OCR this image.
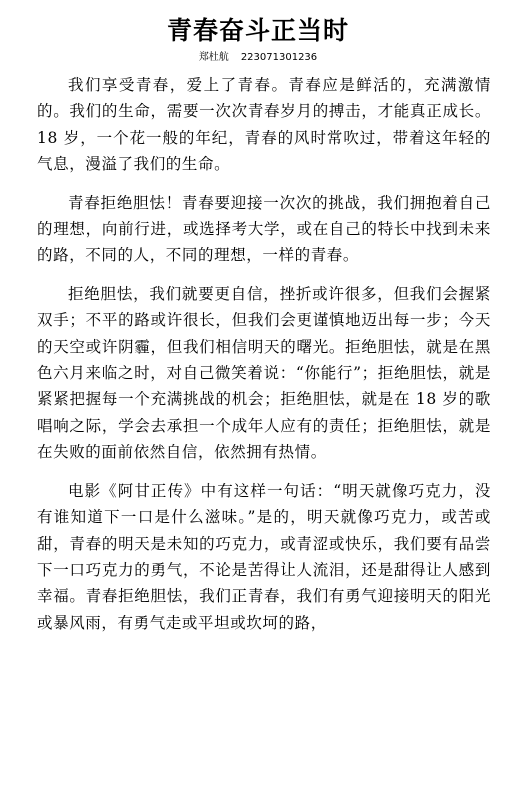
青春奋斗正当时
郑杜航 223071301236

我们享受青春，爱上了青春。青春应是鲜活的，充满激情的。我们的生命，需要一次次青春岁月的搏击，才能真正成长。18 岁，一个花一般的年纪，青春的风时常吹过，带着这年轻的气息，漫溢了我们的生命。

青春拒绝胆怯！青春要迎接一次次的挑战，我们拥抱着自己的理想，向前行进，或选择考大学，或在自己的特长中找到未来的路，不同的人，不同的理想，一样的青春。

拒绝胆怯，我们就要更自信，挫折或许很多，但我们会握紧双手；不平的路或许很长，但我们会更谨慎地迈出每一步；今天的天空或许阴霾，但我们相信明天的曙光。拒绝胆怯，就是在黑色六月来临之时，对自己微笑着说：“你能行”；拒绝胆怯，就是紧紧把握每一个充满挑战的机会；拒绝胆怯，就是在 18 岁的歌唱响之际，学会去承担一个成年人应有的责任；拒绝胆怯，就是在失败的面前依然自信，依然拥有热情。

电影《阿甘正传》中有这样一句话：“明天就像巧克力，没有谁知道下一口是什么滋味。”是的，明天就像巧克力，或苦或甜，青春的明天是未知的巧克力，或青涩或快乐，我们要有品尝下一口巧克力的勇气，不论是苦得让人流泪，还是甜得让人感到幸福。青春拒绝胆怯，我们正青春，我们有勇气迎接明天的阳光或暴风雨，有勇气走或平坦或坎坷的路，
